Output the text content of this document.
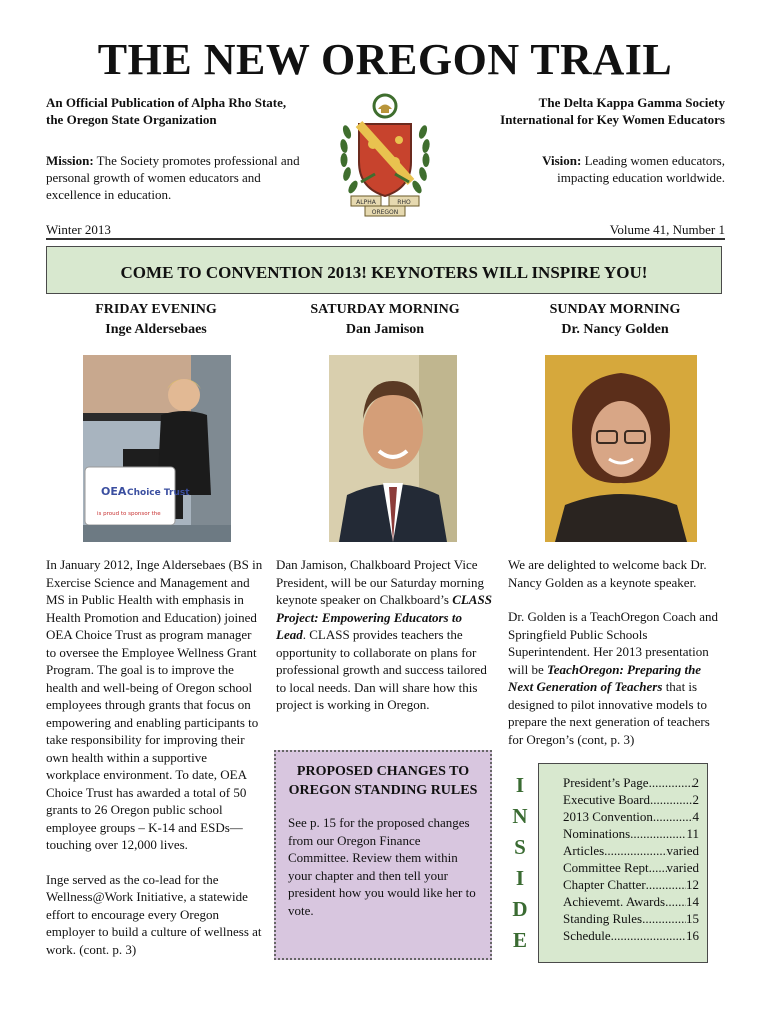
THE NEW OREGON TRAIL
An Official Publication of Alpha Rho State, the Oregon State Organization
The Delta Kappa Gamma Society International for Key Women Educators
Mission: The Society promotes professional and personal growth of women educators and excellence in education.
Vision: Leading women educators, impacting education worldwide.
ALPHA	RHO
OREGON
Winter 2013	Volume 41, Number 1
COME TO CONVENTION 2013! KEYNOTERS WILL INSPIRE YOU!
FRIDAY EVENING
Inge Aldersebaes
SATURDAY MORNING
Dan Jamison
SUNDAY MORNING
Dr. Nancy Golden
OEA Choice Trust
is proud to sponsor the

In January 2012, Inge Aldersebaes (BS in Exercise Science and Management and MS in Public Health with emphasis in Health Promotion and Education) joined OEA Choice Trust as program manager to oversee the Employee Wellness Grant Program. The goal is to improve the health and well-being of Oregon school employees through grants that focus on empowering and enabling participants to take responsibility for improving their own health within a supportive workplace environment. To date, OEA Choice Trust has awarded a total of 50 grants to 26 Oregon public school employee groups – K-14 and ESDs—touching over 12,000 lives.

Inge served as the co-lead for the Wellness@Work Initiative, a statewide effort to encourage every Oregon employer to build a culture of wellness at work. (cont. p. 3)

Dan Jamison, Chalkboard Project Vice President, will be our Saturday morning keynote speaker on Chalkboard’s CLASS Project: Empowering Educators to Lead. CLASS provides teachers the opportunity to collaborate on plans for professional growth and success tailored to local needs. Dan will share how this project is working in Oregon.

We are delighted to welcome back Dr. Nancy Golden as a keynote speaker.

Dr. Golden is a TeachOregon Coach and Springfield Public Schools Superintendent. Her 2013 presentation will be TeachOregon: Preparing the Next Generation of Teachers that is designed to pilot innovative models to prepare the next generation of teachers for Oregon’s (cont, p. 3)

PROPOSED CHANGES TO OREGON STANDING RULES
See p. 15 for the proposed changes from our Oregon Finance Committee. Review them within your chapter and then tell your president how you would like her to vote.
I
N
S
I
D
E
President’s Page .....	2
Executive Board .....	2
2013 Convention .....	4
Nominations .....	11
Articles .....	varied
Committee Rept ..... varied
Chapter Chatter .....	12
Achievemt. Awards ..... 14
Standing Rules .....	15
Schedule .....	16
